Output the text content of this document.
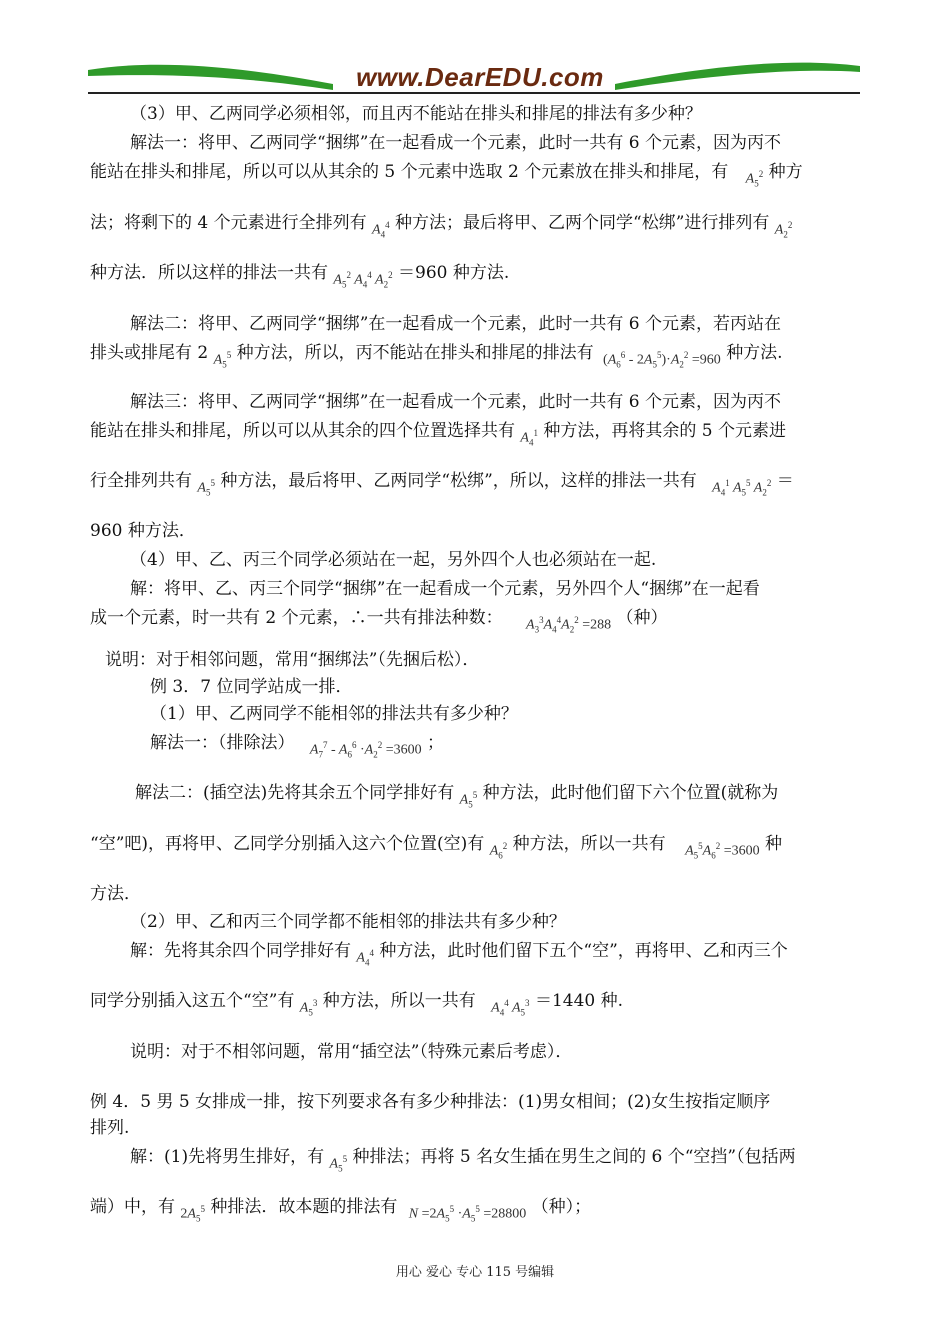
www.DearEDU.com
（3）甲、乙两同学必须相邻，而且丙不能站在排头和排尾的排法有多少种？
解法一：将甲、乙两同学“捆绑”在一起看成一个元素，此时一共有 6 个元素，因为丙不
能站在排头和排尾，所以可以从其余的 5 个元素中选取 2 个元素放在排头和排尾，有 $A_5^2$ 种方
法；将剩下的 4 个元素进行全排列有 $A_4^4$ 种方法；最后将甲、乙两个同学“松绑”进行排列有 $A_2^2$
种方法．所以这样的排法一共有 $A_5^2$ $A_4^4$ $A_2^2 =960$ 种方法.
解法二：将甲、乙两同学“捆绑”在一起看成一个元素，此时一共有 6 个元素，若丙站在
排头或排尾有 2 $A_5^5$ 种方法，所以，丙不能站在排头和排尾的排法有 $(A_6^6 - 2A_5^5)\cdot A_2^2 =960$ 种方法.
解法三：将甲、乙两同学“捆绑”在一起看成一个元素，此时一共有 6 个元素，因为丙不
能站在排头和排尾，所以可以从其余的四个位置选择共有 $A_4^1$ 种方法，再将其余的 5 个元素进
行全排列共有 $A_5^5$ 种方法，最后将甲、乙两同学“松绑”，所以，这样的排法一共有 $A_4^1$ $A_5^5$ $A_2^2$ ＝
960 种方法．
（4）甲、乙、丙三个同学必须站在一起，另外四个人也必须站在一起.
解：将甲、乙、丙三个同学“捆绑”在一起看成一个元素，另外四个人“捆绑”在一起看
成一个元素，时一共有 2 个元素，∴一共有排法种数： $A_3^3A_4^4A_2^2 =288$ （种）
说明：对于相邻问题，常用“捆绑法”（先捆后松）．
例 3．7 位同学站成一排．
（1）甲、乙两同学不能相邻的排法共有多少种？
解法一：（排除法） $A_7^7 - A_6^6 \cdot A_2^2 =3600$ ；
解法二：(插空法)先将其余五个同学排好有 $A_5^5$ 种方法，此时他们留下六个位置(就称为
“空”吧)，再将甲、乙同学分别插入这六个位置(空)有 $A_6^2$ 种方法，所以一共有 $A_5^5A_6^2 =3600$ 种
方法．
（2）甲、乙和丙三个同学都不能相邻的排法共有多少种？
解：先将其余四个同学排好有 $A_4^4$ 种方法，此时他们留下五个“空”，再将甲、乙和丙三个
同学分别插入这五个“空”有 $A_5^3$ 种方法，所以一共有 $A_4^4$ $A_5^3 =1440$ 种.
说明：对于不相邻问题，常用“插空法”（特殊元素后考虑）．
例 4．5 男 5 女排成一排，按下列要求各有多少种排法：(1)男女相间；(2)女生按指定顺序
排列.
解：(1)先将男生排好，有 $A_5^5$ 种排法；再将 5 名女生插在男生之间的 6 个“空挡”（包括两
端）中，有 $2A_5^5$ 种排法．故本题的排法有 $N =2A_5^5 \cdot A_5^5 =28800$ （种）；
用心 爱心 专心 115 号编辑
